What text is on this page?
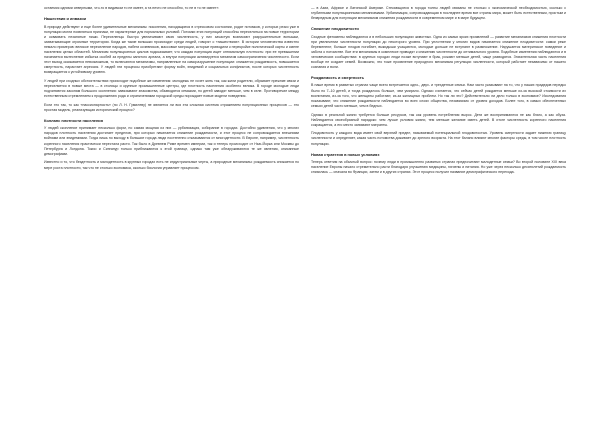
остаемся одними северными, что-то в видимом то не имеет, а та нечто не способно, то не в то не имеет».

Нашествия и инвазии

В природе действуют и еще более удивительные механизмы: поколения, находящиеся в стрессовом состоянии, родят потомков, у которых резко уже в популяции могли появляться признаки, не характерные для нормальных условий. Потомки этих популяций способны переселяться на новые территории и осваивать незанятые ниши. Переселенцы быстро увеличивают свою численность, у них зачастую возникают разрушительные вспышки, захватывающие огромные территории. Когда же такие вспышки происходят среди людей, говорят о «нашествиях». В истории человечества известно немало примеров: великое переселение народов, набеги кочевников, массовые миграции, которые приводили к перекройке политической карты и смене населения целых областей. Механизм популяционных циклов подсказывает, что каждая популяция ищет оптимальную плотность: при ее превышении начинается вытеснение избытка особей за пределы занятого ареала, а внутри популяции активируется механизм самоограничения численности. Если этот выход оказывается невозможным, то включаются механизмы, направленные на саморазрушение популяции: снижается рождаемость, повышается смертность, нарастает агрессия. У людей эти процессы приобретают форму войн, эпидемий и социальных конфликтов, после которых численность возвращается к устойчивому уровню.

У людей при сходных обстоятельствах происходят подобные же изменения: молодежь не хочет жить так, как жили родители, обрывает прежние связи и переселяется в новые места — в столицы и крупные промышленные центры, где плотность населения особенно велика. В городе молодые люди подчиняются законам большого скопления: завязывают знакомства, обзаводятся семьями, но детей заводят меньше, чем в селе. Противоречие между естественным стремлением к продолжению рода и ограничениями городской среды порождает новые модели поведения.

Если это так, то как «пассионарность» (по Л. Н. Гумилеву) не является ли вся эта сложная система отражением популяционных процессов — это простая модель, реализующая исторический процесс?

Коллапс плотности населения

У людей скопление принимает несколько форм, но самая мощная из них — урбанизация, собирание в городах. Достойно удивления, что у многих народов плотность населения достигает пределов, при которых начинается снижение рождаемости, и этот процесс не сопровождается внешними войнами или эпидемиями. Тогда лишь по выходу в большие города люди постепенно отказываются от многодетности. В Европе, например, численность коренного населения практически перестала расти. Так было в Древнем Риме времен империи, так и теперь происходит от Нью-Йорка или Москвы до Петербурга и Лондона. Токио и Сингапур только приближаются к этой границе, однако там уже обнаруживаются те же явления, описанные демографами.

Известно и то, что бездетность и малодетность в крупных городах есть не индустриальные черты, а природные механизмы: рождаемость снижается по мере роста плотности, так что не столько экономика, сколько биология управляет процессом.

— в Азии, Африке и Латинской Америке. Стекающиеся в города толпы людей связаны не столько с экономической необходимостью, сколько с глубинными популяционными механизмами. Урбанизация, сопровождающая в последнее время все страны мира, может быть естественным, простым и безвредным для популяции механизмом снижения рождаемости в современном мире и в мире будущем.

Снижение плодовитости

Сходные феномены наблюдаются и в небольших популяциях животных. Одна из самых ярких проявлений — развитие механизмов снижения плотности при увеличении численности популяции до некоторого уровня. При уплотнении у многих видов начинается снижение плодовитости: самки реже беременеют, больше плодов погибает, выкидыши учащаются, молодые дольше не вступают в размножение. Нарушается материнское поведение и забота о потомстве. Все эти механизмы в комплексе приводят к снижению численности до оптимального уровня. Подобные изменения наблюдаются и в человеческих сообществах: в крупных городах люди позже вступают в брак, рожают меньше детей, чаще разводятся. Значительная часть населения вообще не создает семей. Возможно, это тоже проявление природного механизма регуляции численности, который работает независимо от нашего сознания и воли.

Рождаемость и смертность

В наше время в развитых странах чаще всего встречается одно-, двух- и трехдетные семьи. Нам часто указывают на то, что у наших прадедов нередко было по 7–10 детей, и тогда рождалось больше, чем умирало. Однако считается, что сейчас детей рождается меньше из-за высокой стоимости их воспитания, из-за того, что женщины работают, из-за жилищных проблем. Но так ли это? Действительно ли дело только в экономике? Исследования показывают, что снижение рождаемости наблюдается во всех слоях общества, независимо от уровня доходов. Более того, в самых обеспеченных семьях детей часто меньше, чем в бедных.

Однако в реальной жизни требуется больше ресурсов, так как уровень потребления вырос. Дети же воспринимаются не как благо, а как обуза. Наблюдается своеобразный парадокс: чем лучше условия жизни, тем меньше желание иметь детей. В итоге численность коренного населения сокращается, а его место занимают мигранты.

Плодовитость у каждого вида имеет свой верхний предел, называемый потенциальной плодовитостью. Уровень смертности задает нижнюю границу численности и определяет, какая часть потомства доживает до зрелого возраста. На этот баланс влияют многие факторы среды, в том числе плотность популяции.

Новая стратегия в новых условиях

Теперь ответим на обычный вопрос: почему люди в промышленно развитых странах предпочитают малодетные семьи? Во второй половине XIX века население Европы начало стремительно расти благодаря улучшению медицины, гигиены и питания. Но уже через несколько десятилетий рождаемость снизилась — сначала во Франции, затем и в других странах. Этот процесс получил название демографического перехода.
